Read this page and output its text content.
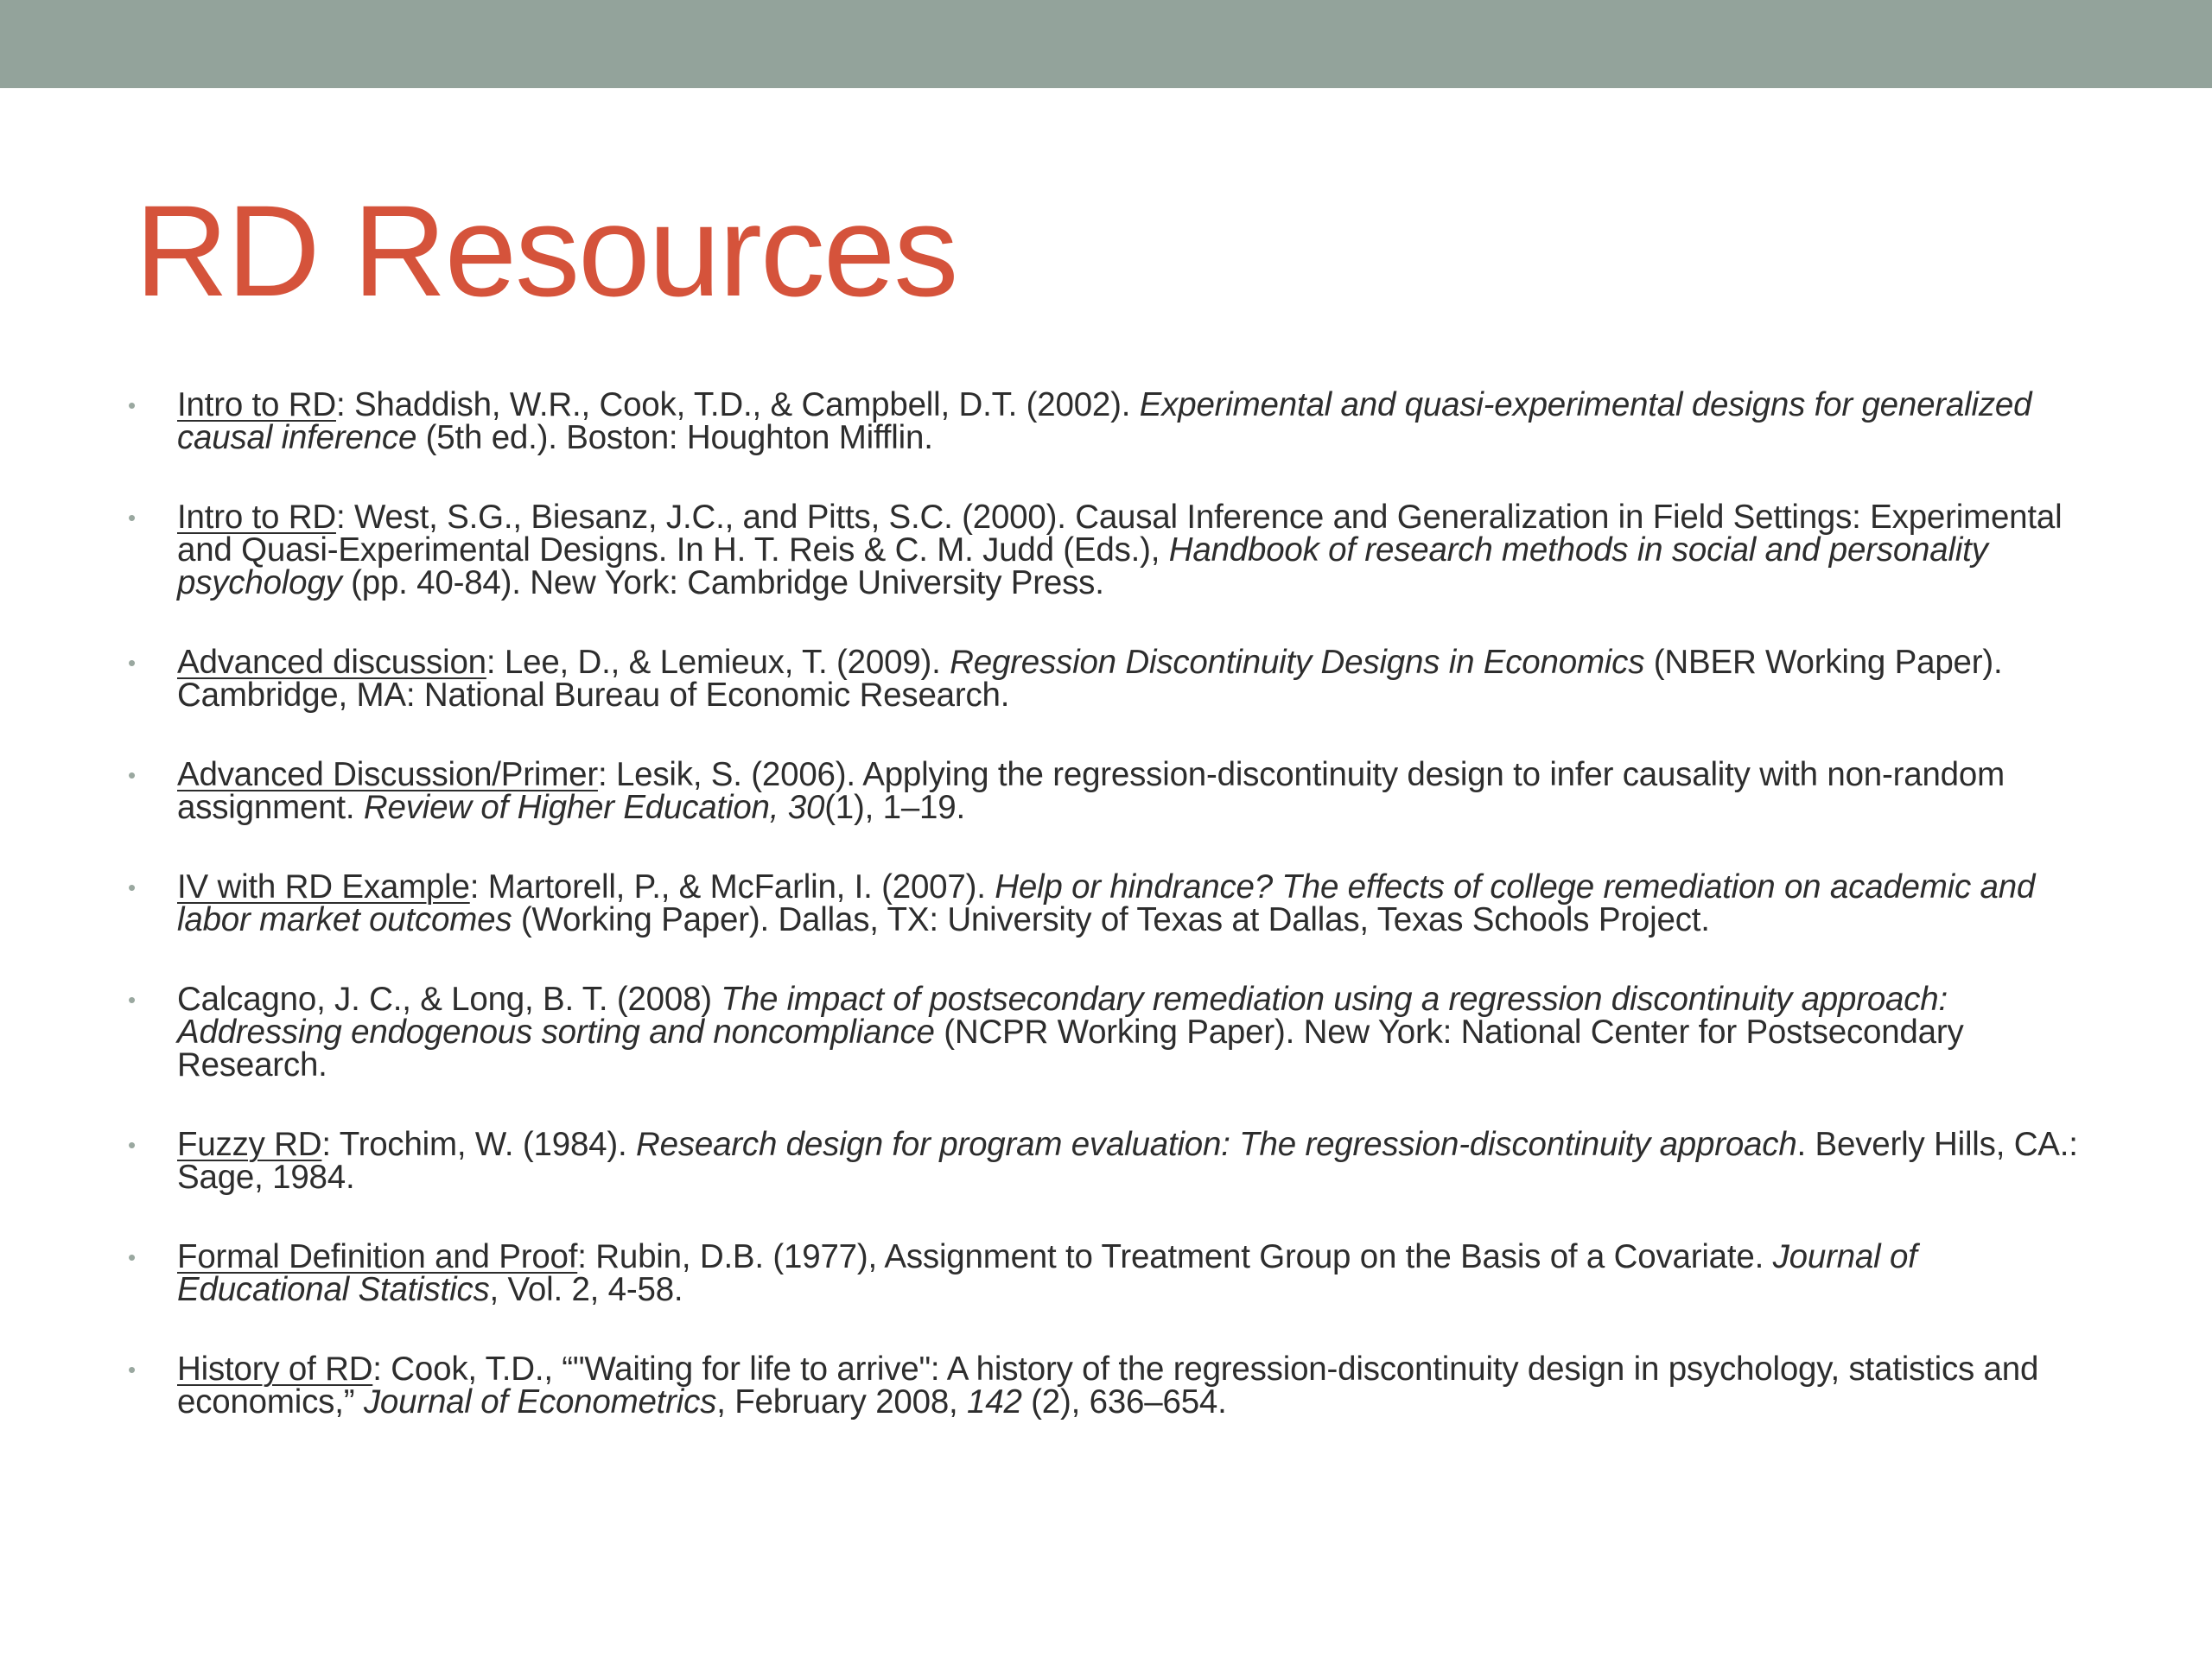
RD Resources
•	Intro to RD: Shaddish, W.R., Cook, T.D., & Campbell, D.T. (2002). Experimental and quasi-experimental designs for generalized causal inference (5th ed.). Boston: Houghton Mifflin.
•	Intro to RD: West, S.G., Biesanz, J.C., and Pitts, S.C. (2000). Causal Inference and Generalization in Field Settings: Experimental and Quasi-Experimental Designs. In H. T. Reis & C. M. Judd (Eds.), Handbook of research methods in social and personality psychology (pp. 40-84). New York: Cambridge University Press.
•	Advanced discussion: Lee, D., & Lemieux, T. (2009). Regression Discontinuity Designs in Economics (NBER Working Paper). Cambridge, MA: National Bureau of Economic Research.
•	Advanced Discussion/Primer: Lesik, S. (2006). Applying the regression-discontinuity design to infer causality with non-random assignment. Review of Higher Education, 30(1), 1–19.
•	IV with RD Example: Martorell, P., & McFarlin, I. (2007). Help or hindrance? The effects of college remediation on academic and labor market outcomes (Working Paper). Dallas, TX: University of Texas at Dallas, Texas Schools Project.
•	Calcagno, J. C., & Long, B. T. (2008) The impact of postsecondary remediation using a regression discontinuity approach: Addressing endogenous sorting and noncompliance (NCPR Working Paper). New York: National Center for Postsecondary Research.
•	Fuzzy RD: Trochim, W. (1984). Research design for program evaluation: The regression-discontinuity approach. Beverly Hills, CA.: Sage, 1984.
•	Formal Definition and Proof: Rubin, D.B. (1977), Assignment to Treatment Group on the Basis of a Covariate. Journal of Educational Statistics, Vol. 2, 4-58.
•	History of RD: Cook, T.D., “"Waiting for life to arrive": A history of the regression-discontinuity design in psychology, statistics and economics,” Journal of Econometrics, February 2008, 142 (2), 636–654.
